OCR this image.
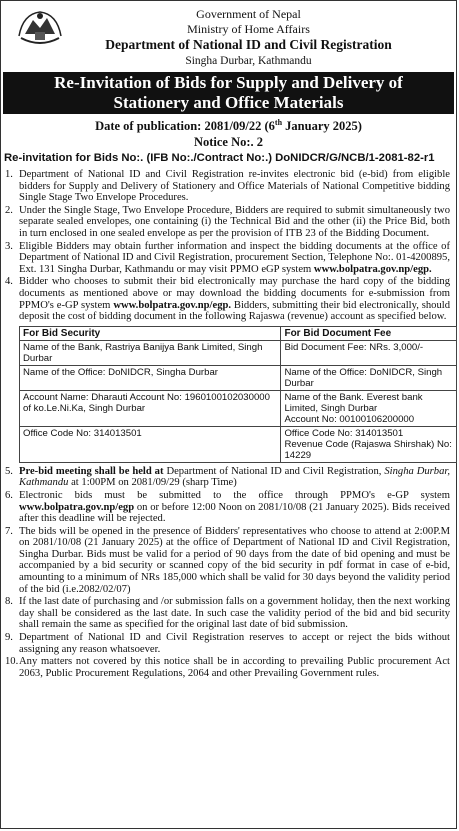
Government of Nepal
Ministry of Home Affairs
Department of National ID and Civil Registration
Singha Durbar, Kathmandu
Re-Invitation of Bids for Supply and Delivery of
Stationery and Office Materials
Date of publication: 2081/09/22 (6th January 2025)
Notice No:. 2
Re-invitation for Bids No:. (IFB No:./Contract No:.) DoNIDCR/G/NCB/1-2081-82-r1
1. Department of National ID and Civil Registration re-invites electronic bid (e-bid) from eligible bidders for Supply and Delivery of Stationery and Office Materials of National Competitive bidding Single Stage Two Envelope Procedures.
2. Under the Single Stage, Two Envelope Procedure, Bidders are required to submit simultaneously two separate sealed envelopes, one containing (i) the Technical Bid and the other (ii) the Price Bid, both in turn enclosed in one sealed envelope as per the provision of ITB 23 of the Bidding Document.
3. Eligible Bidders may obtain further information and inspect the bidding documents at the office of Department of National ID and Civil Registration, procurement Section, Telephone No:. 01-4200895, Ext. 131 Singha Durbar, Kathmandu or may visit PPMO eGP system www.bolpatra.gov.np/egp.
4. Bidder who chooses to submit their bid electronically may purchase the hard copy of the bidding documents as mentioned above or may download the bidding documents for e-submission from PPMO's e-GP system www.bolpatra.gov.np/egp. Bidders, submitting their bid electronically, should deposit the cost of bidding document in the following Rajaswa (revenue) account as specified below.
For Bid Security	For Bid Document Fee
Name of the Bank, Rastriya Banijya Bank Limited, Singh Durbar	Bid Document Fee: NRs. 3,000/-
Name of the Office: DoNIDCR, Singha Durbar	Name of the Office: DoNIDCR, Singh Durbar
Account Name: Dharauti Account No: 1960100102030000 of ko.Le.Ni.Ka, Singh Durbar	Name of the Bank. Everest bank Limited, Singh Durbar
Account No: 00100106200000

Office Code No: 314013501	Office Code No: 314013501
Revenue Code (Rajaswa Shirshak) No: 14229
5. Pre-bid meeting shall be held at Department of National ID and Civil Registration, Singha Durbar, Kathmandu at 1:00PM on 2081/09/29 (sharp Time)
6. Electronic bids must be submitted to the office through PPMO's e-GP system www.bolpatra.gov.np/egp on or before 12:00 Noon on 2081/10/08 (21 January 2025). Bids received after this deadline will be rejected.
7. The bids will be opened in the presence of Bidders' representatives who choose to attend at 2:00P.M on 2081/10/08 (21 January 2025) at the office of Department of National ID and Civil Registration, Singha Durbar. Bids must be valid for a period of 90 days from the date of bid opening and must be accompanied by a bid security or scanned copy of the bid security in pdf format in case of e-bid, amounting to a minimum of NRs 185,000 which shall be valid for 30 days beyond the validity period of the bid (i.e.2082/02/07)
8. If the last date of purchasing and /or submission falls on a government holiday, then the next working day shall be considered as the last date. In such case the validity period of the bid and bid security shall remain the same as specified for the original last date of bid submission.
9. Department of National ID and Civil Registration reserves to accept or reject the bids without assigning any reason whatsoever.
10. Any matters not covered by this notice shall be in according to prevailing Public procurement Act 2063, Public Procurement Regulations, 2064 and other Prevailing Government rules.
